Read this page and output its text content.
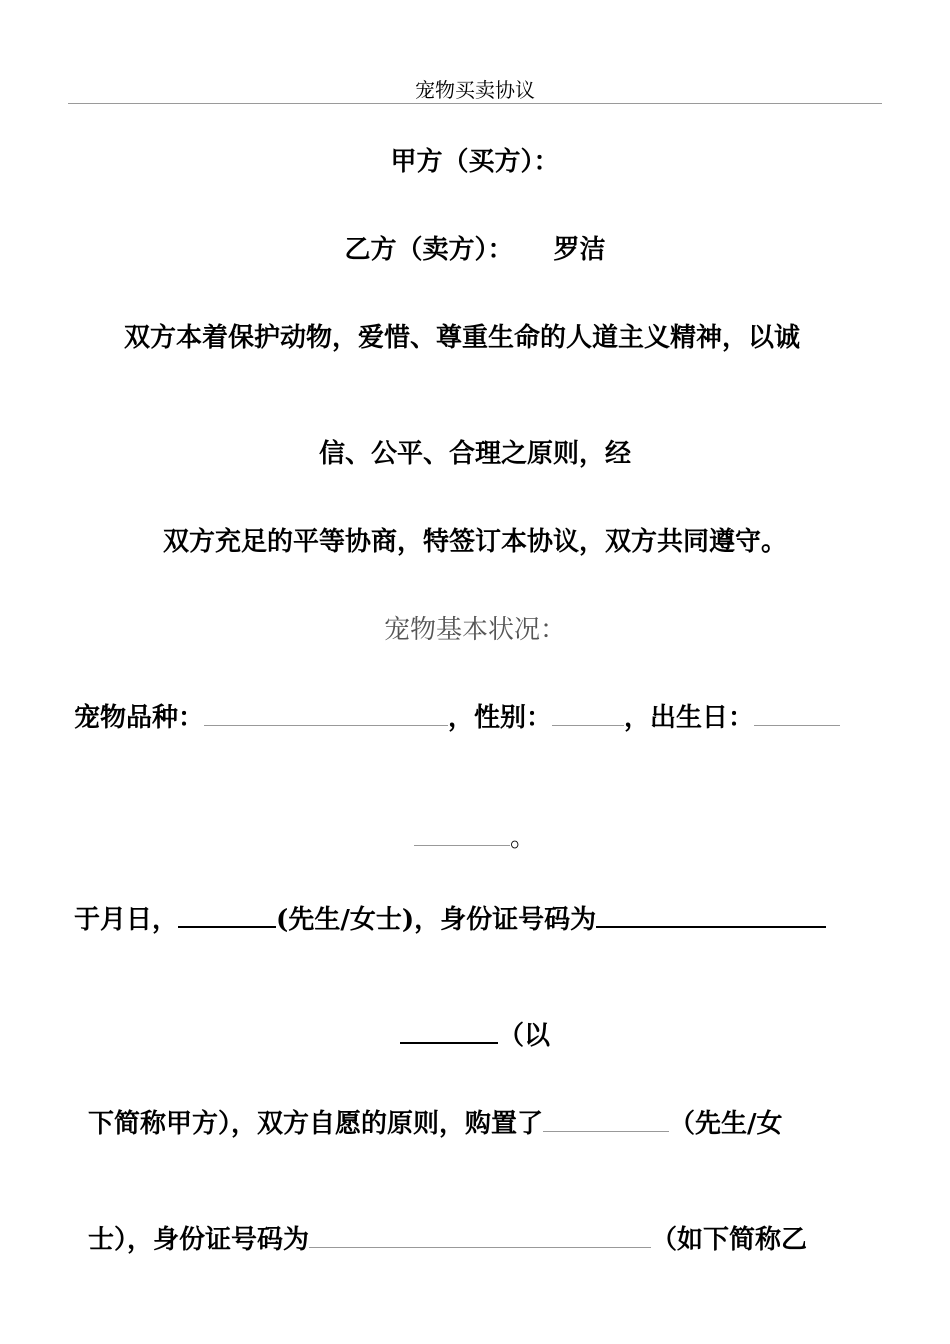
宠物买卖协议
甲方（买方）：
乙方（卖方）： 罗洁
双方本着保护动物，爱惜、尊重生命的人道主义精神，以诚
信、公平、合理之原则，经
双方充足的平等协商，特签订本协议，双方共同遵守。
宠物基本状况：
宠物品种：	，性别：	，出生日：
。
于月日，	(先生/女士)，身份证号码为
（以
下简称甲方），双方自愿的原则，购置了	（先生/女
士），身份证号码为	（如下简称乙
